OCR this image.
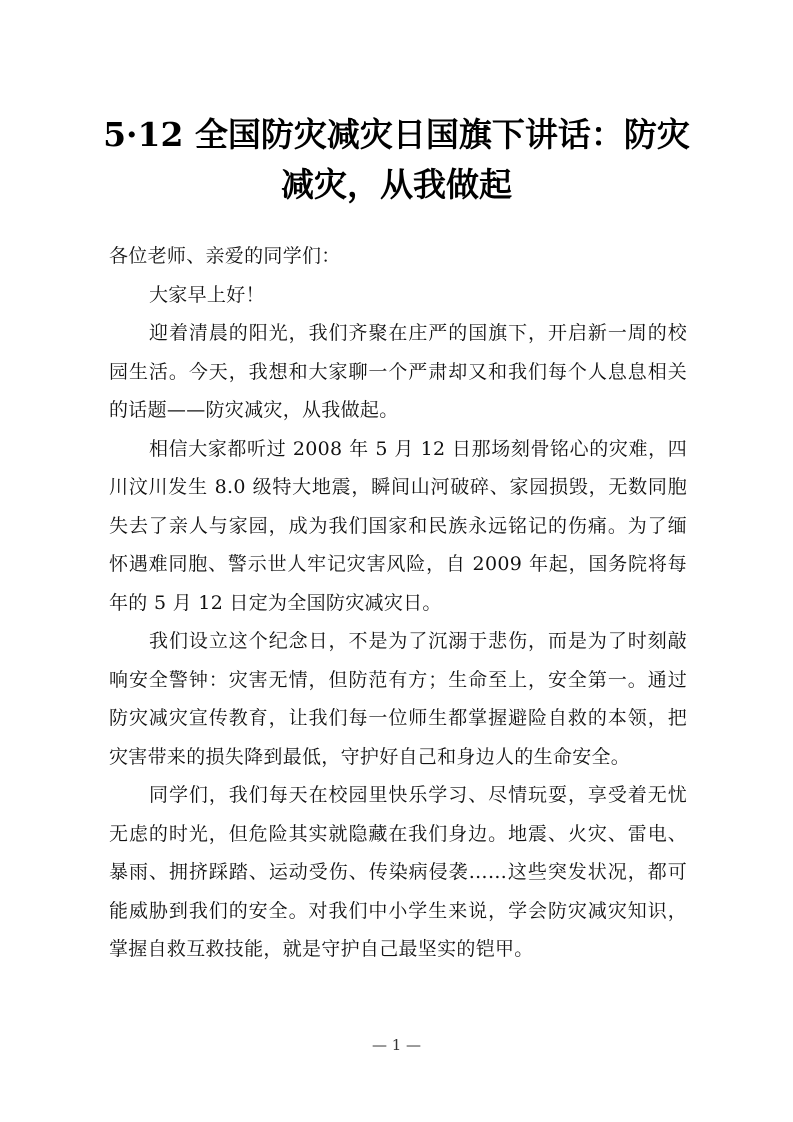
5·12 全国防灾减灾日国旗下讲话：防灾
减灾，从我做起

各位老师、亲爱的同学们：

大家早上好！

迎着清晨的阳光，我们齐聚在庄严的国旗下，开启新一周的校园生活。今天，我想和大家聊一个严肃却又和我们每个人息息相关的话题——防灾减灾，从我做起。

相信大家都听过 2008 年 5 月 12 日那场刻骨铭心的灾难，四川汶川发生 8.0 级特大地震，瞬间山河破碎、家园损毁，无数同胞失去了亲人与家园，成为我们国家和民族永远铭记的伤痛。为了缅怀遇难同胞、警示世人牢记灾害风险，自 2009 年起，国务院将每年的 5 月 12 日定为全国防灾减灾日。

我们设立这个纪念日，不是为了沉溺于悲伤，而是为了时刻敲响安全警钟：灾害无情，但防范有方；生命至上，安全第一。通过防灾减灾宣传教育，让我们每一位师生都掌握避险自救的本领，把灾害带来的损失降到最低，守护好自己和身边人的生命安全。

同学们，我们每天在校园里快乐学习、尽情玩耍，享受着无忧无虑的时光，但危险其实就隐藏在我们身边。地震、火灾、雷电、暴雨、拥挤踩踏、运动受伤、传染病侵袭……这些突发状况，都可能威胁到我们的安全。对我们中小学生来说，学会防灾减灾知识，掌握自救互救技能，就是守护自己最坚实的铠甲。

— 1 —
